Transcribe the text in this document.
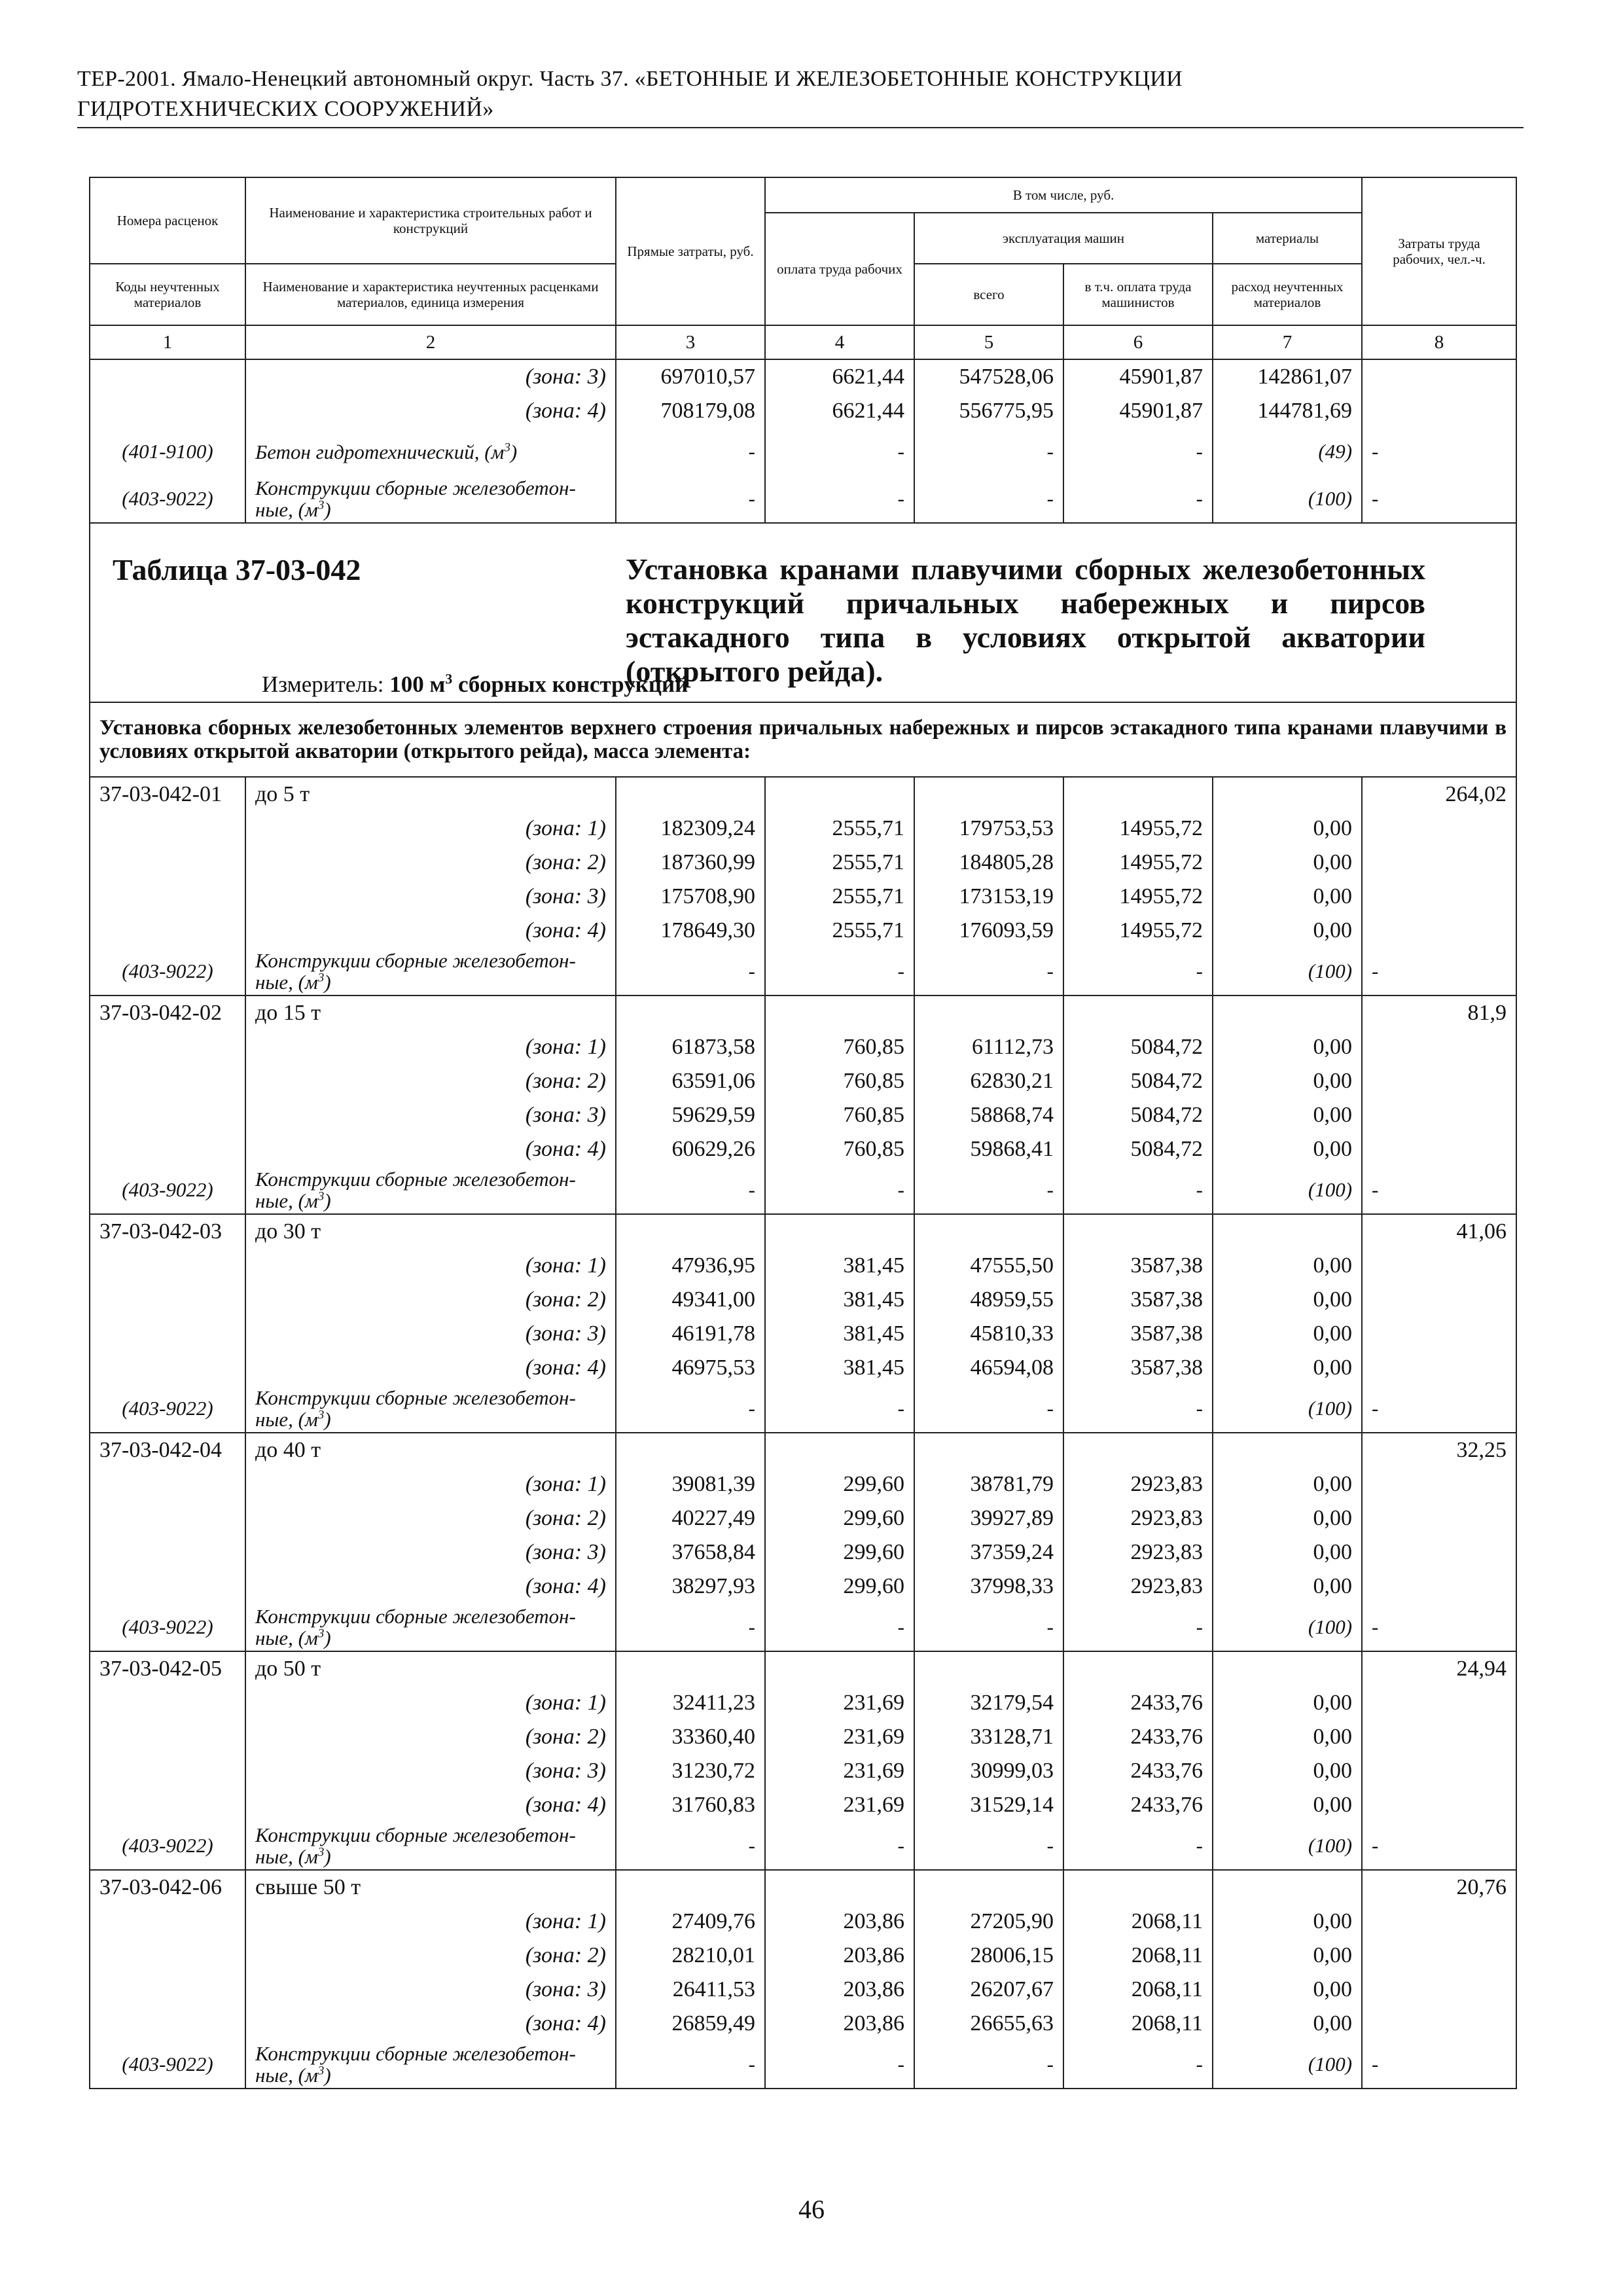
ТЕР-2001. Ямало-Ненецкий автономный округ. Часть 37. «БЕТОННЫЕ И ЖЕЛЕЗОБЕТОННЫЕ КОНСТРУКЦИИ
ГИДРОТЕХНИЧЕСКИХ СООРУЖЕНИЙ»
Номера расценок	Наименование и характеристика строительных работ и конструкций	Прямые затраты, руб.	В том числе, руб.				Затраты труда рабочих, чел.-ч.
			оплата труда рабочих	эксплуатация машин		материалы	
Коды неучтенных материалов	Наименование и характеристика неучтенных расценками материалов, единица измерения			всего	в т.ч. оплата труда машинистов	расход неучтенных материалов	
1	2	3	4	5	6	7	8
	(зона: 3)	697010,57	6621,44	547528,06	45901,87	142861,07	
	(зона: 4)	708179,08	6621,44	556775,95	45901,87	144781,69	
(401-9100)	Бетон гидротехнический, $(м^3)$	-	-	-	-	(49)	-
(403-9022)	Конструкции сборные железобетон-
ные, $(м^3)$	-	-	-	-	(100)	-

Таблица 37-03-042 Установка кранами плавучими сборных железобетонных конструкций причальных набережных и пирсов эстакадного типа в условиях открытой акватории (открытого рейда).
Измеритель: 100 $м^3$ сборных конструкций							

Установка сборных железобетонных элементов верхнего строения причальных набережных и пирсов эстакадного типа кранами плавучими в условиях открытой акватории (открытого рейда), масса элемента:							
37-03-042-01	до 5 т						264,02
	(зона: 1)	182309,24	2555,71	179753,53	14955,72	0,00	
	(зона: 2)	187360,99	2555,71	184805,28	14955,72	0,00	
	(зона: 3)	175708,90	2555,71	173153,19	14955,72	0,00	
	(зона: 4)	178649,30	2555,71	176093,59	14955,72	0,00	
(403-9022)	Конструкции сборные железобетон-
ные, $(м^3)$	-	-	-	-	(100)	-
37-03-042-02	до 15 т						81,9
	(зона: 1)	61873,58	760,85	61112,73	5084,72	0,00	
	(зона: 2)	63591,06	760,85	62830,21	5084,72	0,00	
	(зона: 3)	59629,59	760,85	58868,74	5084,72	0,00	
	(зона: 4)	60629,26	760,85	59868,41	5084,72	0,00	
(403-9022)	Конструкции сборные железобетон-
ные, $(м^3)$	-	-	-	-	(100)	-
37-03-042-03	до 30 т						41,06
	(зона: 1)	47936,95	381,45	47555,50	3587,38	0,00	
	(зона: 2)	49341,00	381,45	48959,55	3587,38	0,00	
	(зона: 3)	46191,78	381,45	45810,33	3587,38	0,00	
	(зона: 4)	46975,53	381,45	46594,08	3587,38	0,00	
(403-9022)	Конструкции сборные железобетон-
ные, $(м^3)$	-	-	-	-	(100)	-
37-03-042-04	до 40 т						32,25
	(зона: 1)	39081,39	299,60	38781,79	2923,83	0,00	
	(зона: 2)	40227,49	299,60	39927,89	2923,83	0,00	
	(зона: 3)	37658,84	299,60	37359,24	2923,83	0,00	
	(зона: 4)	38297,93	299,60	37998,33	2923,83	0,00	
(403-9022)	Конструкции сборные железобетон-
ные, $(м^3)$	-	-	-	-	(100)	-
37-03-042-05	до 50 т						24,94
	(зона: 1)	32411,23	231,69	32179,54	2433,76	0,00	
	(зона: 2)	33360,40	231,69	33128,71	2433,76	0,00	
	(зона: 3)	31230,72	231,69	30999,03	2433,76	0,00	
	(зона: 4)	31760,83	231,69	31529,14	2433,76	0,00	
(403-9022)	Конструкции сборные железобетон-
ные, $(м^3)$	-	-	-	-	(100)	-
37-03-042-06	свыше 50 т						20,76
	(зона: 1)	27409,76	203,86	27205,90	2068,11	0,00	
	(зона: 2)	28210,01	203,86	28006,15	2068,11	0,00	
	(зона: 3)	26411,53	203,86	26207,67	2068,11	0,00	
	(зона: 4)	26859,49	203,86	26655,63	2068,11	0,00	
(403-9022)	Конструкции сборные железобетон-
ные, $(м^3)$	-	-	-	-	(100)	-
46
